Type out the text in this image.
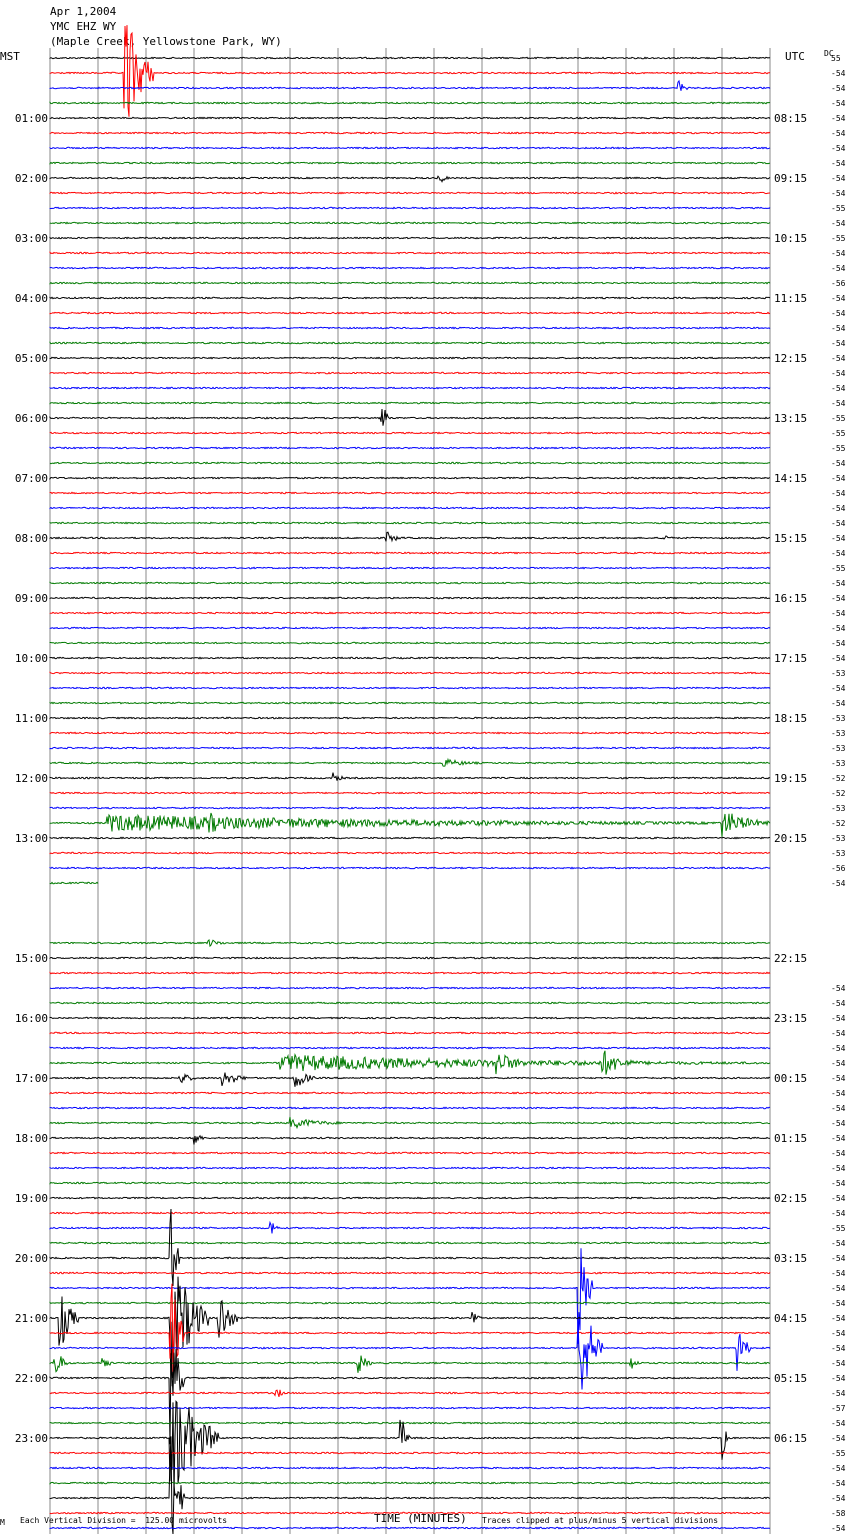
Apr 1,2004
YMC EHZ WY
(Maple Creek, Yellowstone Park, WY)
MST	UTC	55
-54
-54
-54
01:00	08:15	-54
-54
-54
-54
02:00	09:15	-54
-54
-55
-54
03:00	10:15	-55
-54
-54
-56
04:00	11:15	-54
-54
-54
-54
05:00	12:15	-54
-54
-54
-54
06:00	13:15	-55
-55
-55
-54
07:00	14:15	-54
-54
-54
-54
08:00	15:15	-54
-54
-55
-54
09:00	16:15	-54
-54
-54
-54
10:00	17:15	-54
-53
-54
-54
11:00	18:15	-53
-53
-53
-53
12:00	19:15	-52
-52
-53
-52
13:00	20:15	-53
-53
-56
-54
15:00	22:15
-54
-54
16:00	23:15	-54
-54
-54
-54
17:00	00:15	-54
-54
-54
-54
18:00	01:15	-54
-54
-54
-54
19:00	02:15	-54
-54
-55
-54
20:00	03:15	-54
-54
-54
-54
21:00	04:15	-54
-54
-54
-54
22:00	05:15	-54
-54
-57
-54
23:00	06:15	-54
-55
-54
-54
-54
-58
-54
DC
M Each Vertical Division =  125.00 microvolts	TIME (MINUTES) Traces clipped at plus/minus 5 vertical divisions
